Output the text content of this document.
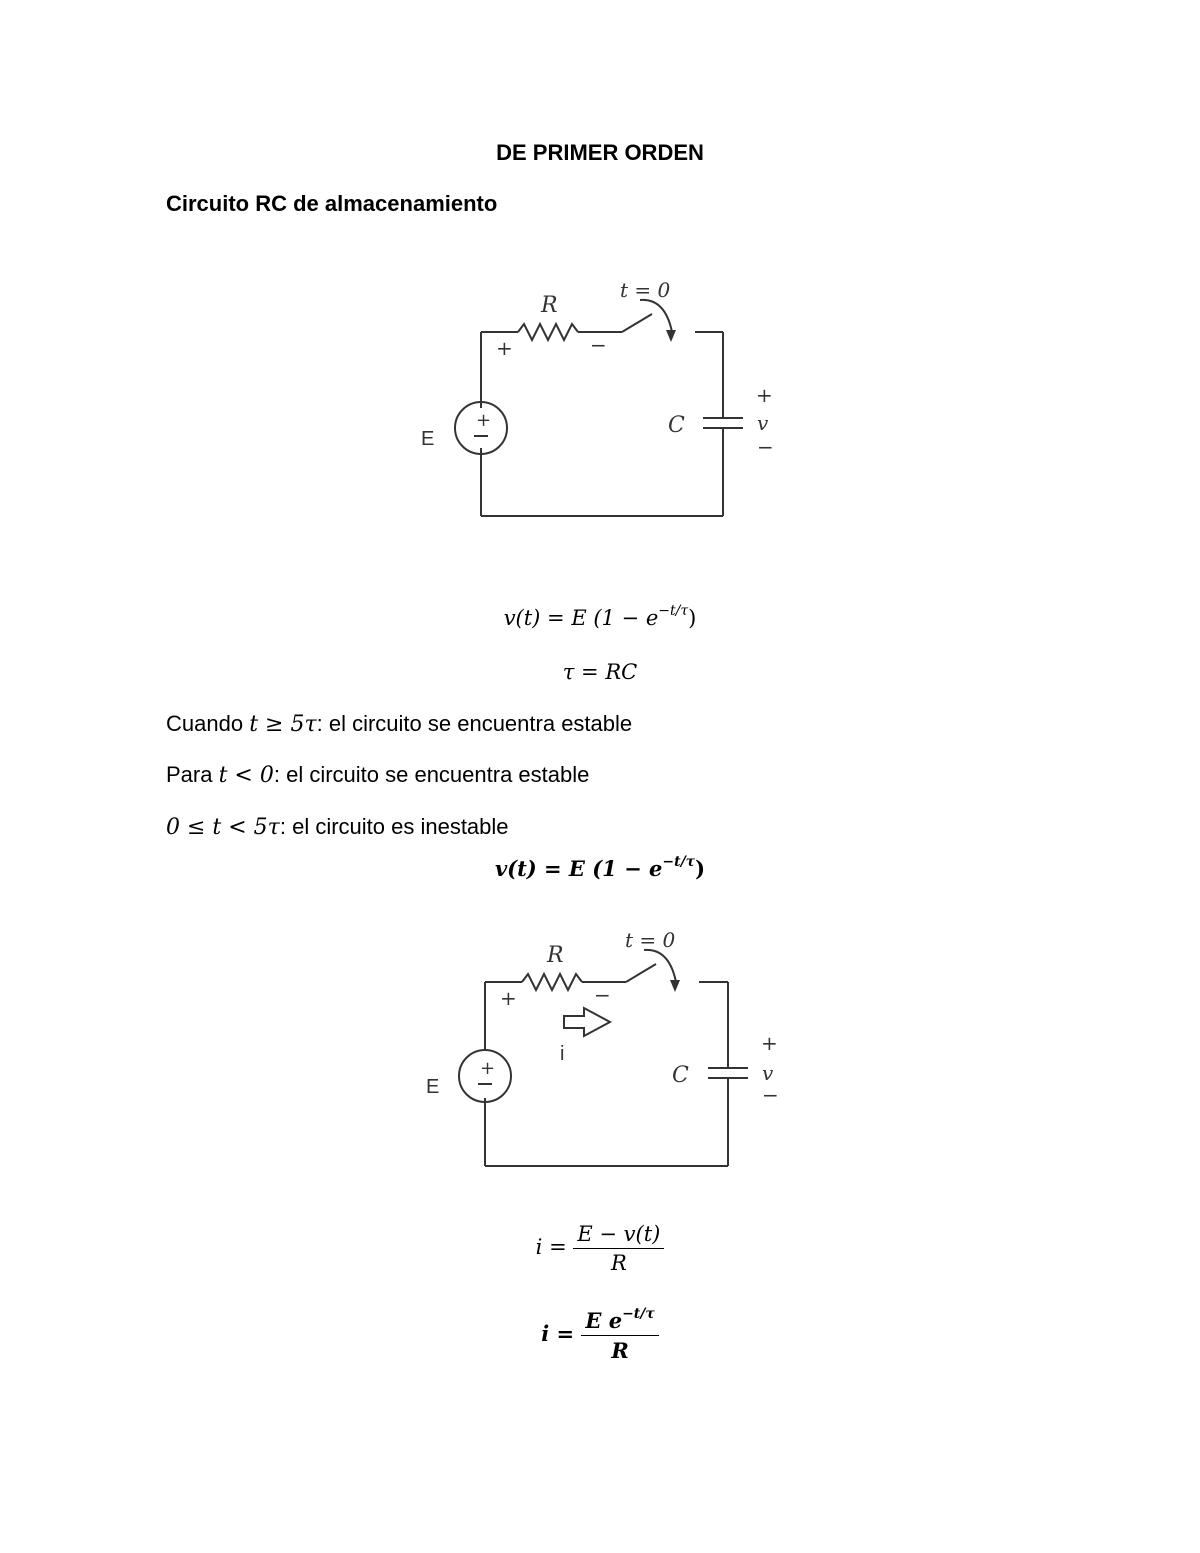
DE PRIMER ORDEN
Circuito RC de almacenamiento
+
R
t = 0
+	−
E
C
+
v
−
v(t) = E $(1 - e^{-t/\tau})$
τ = RC
Cuando t ≥ 5τ: el circuito se encuentra estable
Para t < 0: el circuito se encuentra estable
0 ≤ t < 5τ: el circuito es inestable
v(t) = E $(1 - e^{-t/\tau})$
+
R
t = 0
+	−
E
i
C
+
v
−
$i = \frac{E - v(t)}{R}$
$i = \frac{E e^{-t/\tau}}{R}$
